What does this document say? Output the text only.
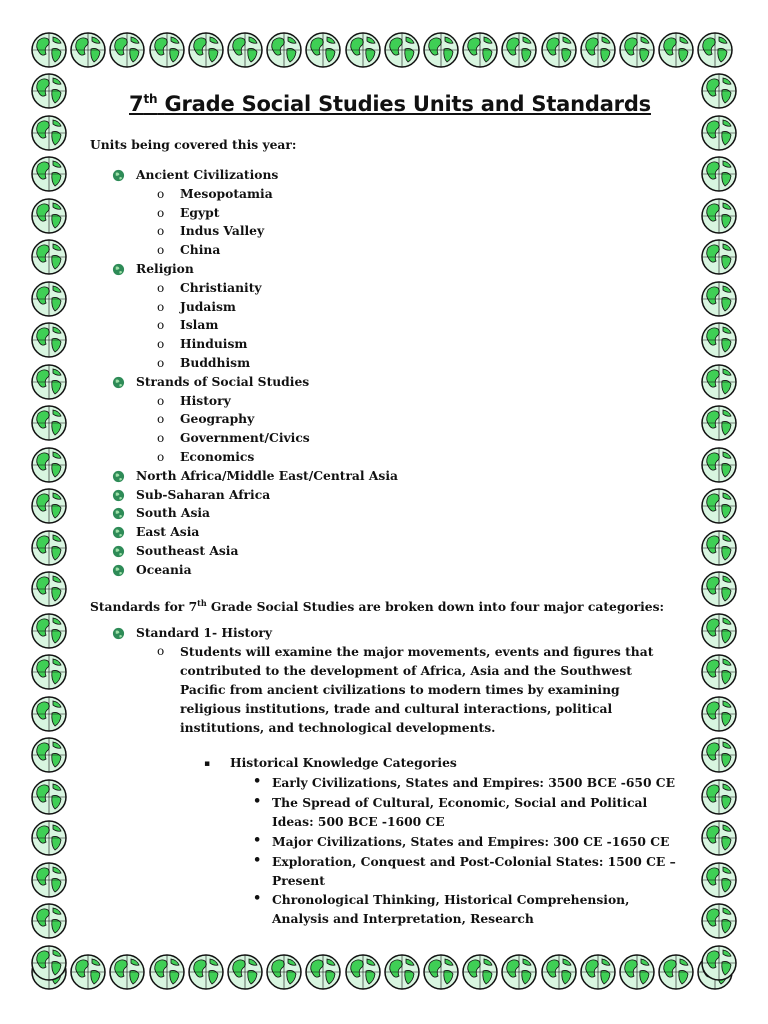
7th Grade Social Studies Units and Standards
Units being covered this year:
Ancient Civilizations
o Mesopotamia
o Egypt
o Indus Valley
o China
Religion
o Christianity
o Judaism
o Islam
o Hinduism
o Buddhism
Strands of Social Studies
o History
o Geography
o Government/Civics
o Economics
North Africa/Middle East/Central Asia
Sub-Saharan Africa
South Asia
East Asia
Southeast Asia
Oceania
Standards for 7th Grade Social Studies are broken down into four major categories:
Standard 1- History
o Students will examine the major movements, events and figures that contributed to the development of Africa, Asia and the Southwest Pacific from ancient civilizations to modern times by examining religious institutions, trade and cultural interactions, political institutions, and technological developments.
▪ Historical Knowledge Categories
• Early Civilizations, States and Empires: 3500 BCE -650 CE
• The Spread of Cultural, Economic, Social and Political Ideas: 500 BCE -1600 CE
• Major Civilizations, States and Empires: 300 CE -1650 CE
• Exploration, Conquest and Post-Colonial States: 1500 CE – Present
• Chronological Thinking, Historical Comprehension, Analysis and Interpretation, Research
